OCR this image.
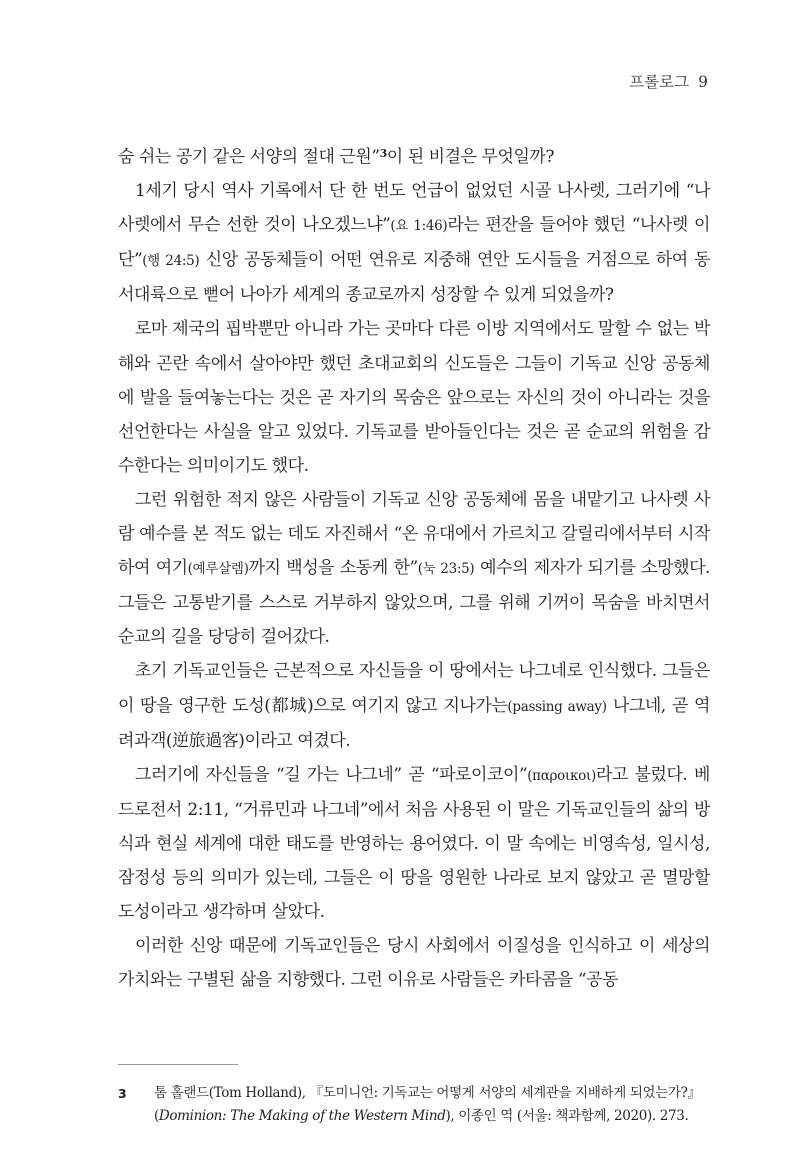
프롤로그 9

숨 쉬는 공기 같은 서양의 절대 근원”$^3$이 된 비결은 무엇일까?

1세기 당시 역사 기록에서 단 한 번도 언급이 없었던 시골 나사렛, 그러기에 “나사렛에서 무슨 선한 것이 나오겠느냐”(요 1:46)라는 편잔을 들어야 했던 “나사렛 이단”(행 24:5) 신앙 공동체들이 어떤 연유로 지중해 연안 도시들을 거점으로 하여 동서대륙으로 뻗어 나아가 세계의 종교로까지 성장할 수 있게 되었을까?

로마 제국의 핍박뿐만 아니라 가는 곳마다 다른 이방 지역에서도 말할 수 없는 박해와 곤란 속에서 살아야만 했던 초대교회의 신도들은 그들이 기독교 신앙 공동체에 발을 들여놓는다는 것은 곧 자기의 목숨은 앞으로는 자신의 것이 아니라는 것을 선언한다는 사실을 알고 있었다. 기독교를 받아들인다는 것은 곧 순교의 위험을 감수한다는 의미이기도 했다.

그런 위험한 적지 않은 사람들이 기독교 신앙 공동체에 몸을 내맡기고 나사렛 사람 예수를 본 적도 없는 데도 자진해서 “온 유대에서 가르치고 갈릴리에서부터 시작하여 여기(예루살렘)까지 백성을 소동케 한”(눅 23:5) 예수의 제자가 되기를 소망했다. 그들은 고통받기를 스스로 거부하지 않았으며, 그를 위해 기꺼이 목숨을 바치면서 순교의 길을 당당히 걸어갔다.

초기 기독교인들은 근본적으로 자신들을 이 땅에서는 나그네로 인식했다. 그들은 이 땅을 영구한 도성(都城)으로 여기지 않고 지나가는(passing away) 나그네, 곧 역려과객(逆旅過客)이라고 여겼다.

그러기에 자신들을 “길 가는 나그네” 곧 “파로이코이”(παροικοι)라고 불렀다. 베드로전서 2:11, “거류민과 나그네”에서 처음 사용된 이 말은 기독교인들의 삶의 방식과 현실 세계에 대한 태도를 반영하는 용어였다. 이 말 속에는 비영속성, 일시성, 잠정성 등의 의미가 있는데, 그들은 이 땅을 영원한 나라로 보지 않았고 곧 멸망할 도성이라고 생각하며 살았다.

이러한 신앙 때문에 기독교인들은 당시 사회에서 이질성을 인식하고 이 세상의 가치와는 구별된 삶을 지향했다. 그런 이유로 사람들은 카타콤을 “공동

3 톰 홀랜드(Tom Holland), 『도미니언: 기독교는 어떻게 서양의 세계관을 지배하게 되었는가?』(Dominion: The Making of the Western Mind), 이종인 역 (서울: 책과함께, 2020). 273.
